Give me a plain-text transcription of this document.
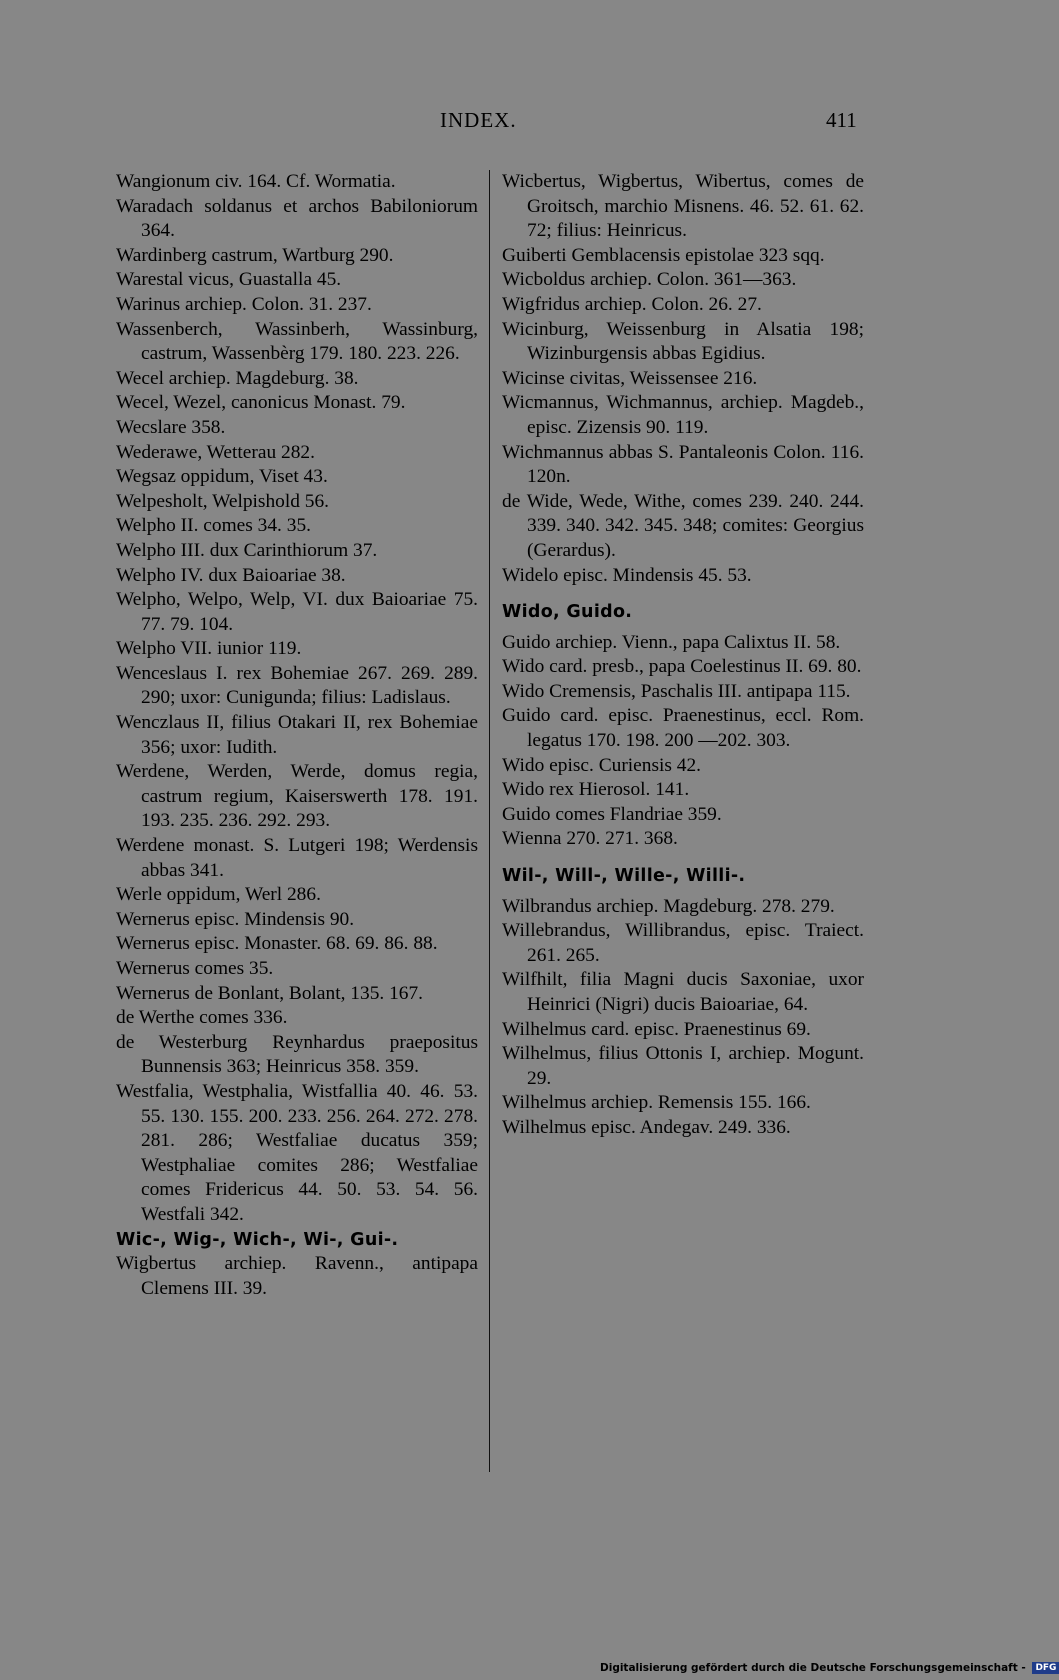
INDEX.	411

Wangionum civ. 164. Cf. Wormatia.

Waradach soldanus et archos Babiloniorum 364.

Wardinberg castrum, Wartburg 290.

Warestal vicus, Guastalla 45.

Warinus archiep. Colon. 31. 237.

Wassenberch, Wassinberh, Wassinburg, castrum, Wassenbèrg 179. 180. 223. 226.

Wecel archiep. Magdeburg. 38.

Wecel, Wezel, canonicus Monast. 79.

Wecslare 358.

Wederawe, Wetterau 282.

Wegsaz oppidum, Viset 43.

Welpesholt, Welpishold 56.

Welpho II. comes 34. 35.

Welpho III. dux Carinthiorum 37.

Welpho IV. dux Baioariae 38.

Welpho, Welpo, Welp, VI. dux Baioariae 75. 77. 79. 104.

Welpho VII. iunior 119.

Wenceslaus I. rex Bohemiae 267. 269. 289. 290; uxor: Cunigunda; filius: Ladislaus.

Wenczlaus II, filius Otakari II, rex Bohemiae 356; uxor: Iudith.

Werdene, Werden, Werde, domus regia, castrum regium, Kaiserswerth 178. 191. 193. 235. 236. 292. 293.

Werdene monast. S. Lutgeri 198; Werdensis abbas 341.

Werle oppidum, Werl 286.

Wernerus episc. Mindensis 90.

Wernerus episc. Monaster. 68. 69. 86. 88.

Wernerus comes 35.

Wernerus de Bonlant, Bolant, 135. 167.

de Werthe comes 336.

de Westerburg Reynhardus praepositus Bunnensis 363; Heinricus 358. 359.

Westfalia, Westphalia, Wistfallia 40. 46. 53. 55. 130. 155. 200. 233. 256. 264. 272. 278. 281. 286; Westfaliae ducatus 359; Westphaliae comites 286; Westfaliae comes Fridericus 44. 50. 53. 54. 56. Westfali 342.

Wic-, Wig-, Wich-, Wi-, Gui-.

Wigbertus archiep. Ravenn., antipapa Clemens III. 39.

Wicbertus, Wigbertus, Wibertus, comes de Groitsch, marchio Misnens. 46. 52. 61. 62. 72; filius: Heinricus.

Guiberti Gemblacensis epistolae 323 sqq.

Wicboldus archiep. Colon. 361—363.

Wigfridus archiep. Colon. 26. 27.

Wicinburg, Weissenburg in Alsatia 198; Wizinburgensis abbas Egidius.

Wicinse civitas, Weissensee 216.

Wicmannus, Wichmannus, archiep. Magdeb., episc. Zizensis 90. 119.

Wichmannus abbas S. Pantaleonis Colon. 116. 120n.

de Wide, Wede, Withe, comes 239. 240. 244. 339. 340. 342. 345. 348; comites: Georgius (Gerardus).

Widelo episc. Mindensis 45. 53.

Wido, Guido.

Guido archiep. Vienn., papa Calixtus II. 58.

Wido card. presb., papa Coelestinus II. 69. 80.

Wido Cremensis, Paschalis III. antipapa 115.

Guido card. episc. Praenestinus, eccl. Rom. legatus 170. 198. 200 —202. 303.

Wido episc. Curiensis 42.

Wido rex Hierosol. 141.

Guido comes Flandriae 359.

Wienna 270. 271. 368.

Wil-, Will-, Wille-, Willi-.

Wilbrandus archiep. Magdeburg. 278. 279.

Willebrandus, Willibrandus, episc. Traiect. 261. 265.

Wilfhilt, filia Magni ducis Saxoniae, uxor Heinrici (Nigri) ducis Baioariae, 64.

Wilhelmus card. episc. Praenestinus 69.

Wilhelmus, filius Ottonis I, archiep. Mogunt. 29.

Wilhelmus archiep. Remensis 155. 166.

Wilhelmus episc. Andegav. 249. 336.

Digitalisierung gefördert durch die Deutsche Forschungsgemeinschaft - DFG
